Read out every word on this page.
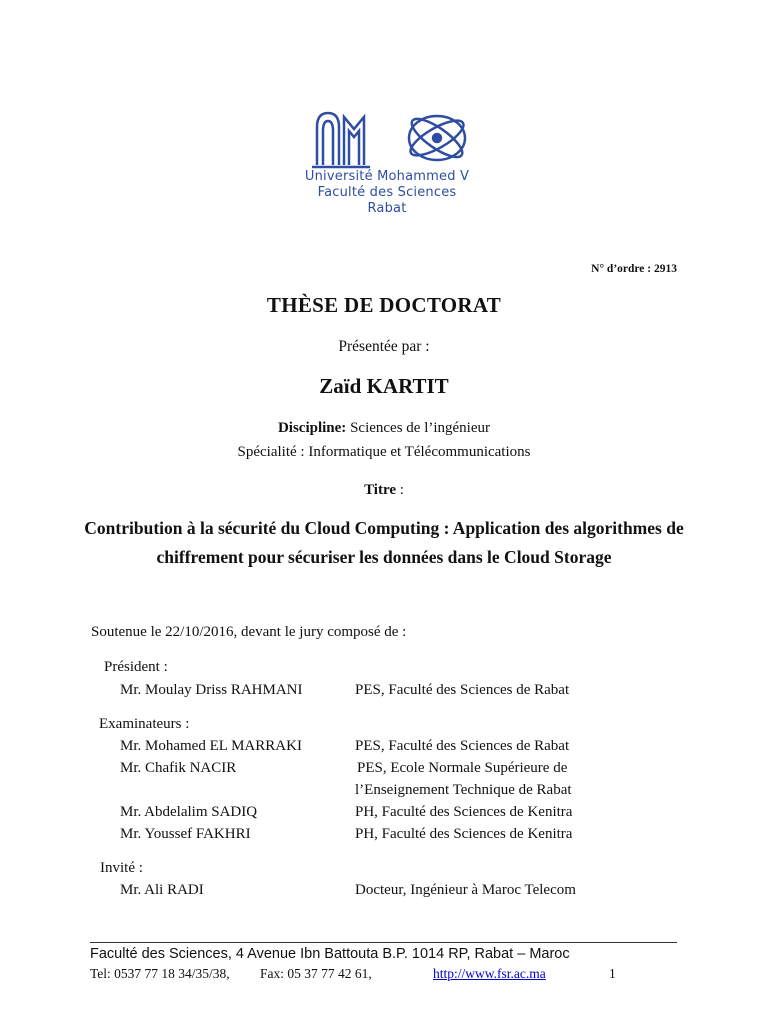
Université Mohammed V
Faculté des Sciences
Rabat
N° d’ordre : 2913
THÈSE DE DOCTORAT
Présentée par :
Zaïd KARTIT
Discipline: Sciences de l’ingénieur
Spécialité : Informatique et Télécommunications
Titre :
Contribution à la sécurité du Cloud Computing : Application des algorithmes de chiffrement pour sécuriser les données dans le Cloud Storage
Soutenue le 22/10/2016, devant le jury composé de :
Président :
Mr. Moulay Driss RAHMANI	PES, Faculté des Sciences de Rabat
Examinateurs :
Mr. Mohamed EL MARRAKI	PES, Faculté des Sciences de Rabat
Mr. Chafik NACIR	PES, Ecole Normale Supérieure de
l’Enseignement Technique de Rabat
Mr. Abdelalim SADIQ	PH, Faculté des Sciences de Kenitra
Mr. Youssef FAKHRI	PH, Faculté des Sciences de Kenitra
Invité :
Mr. Ali RADI	Docteur, Ingénieur à Maroc Telecom
Faculté des Sciences, 4 Avenue Ibn Battouta B.P. 1014 RP, Rabat – Maroc
Tel: 0537 77 18 34/35/38, Fax: 05 37 77 42 61,	http://www.fsr.ac.ma	1
